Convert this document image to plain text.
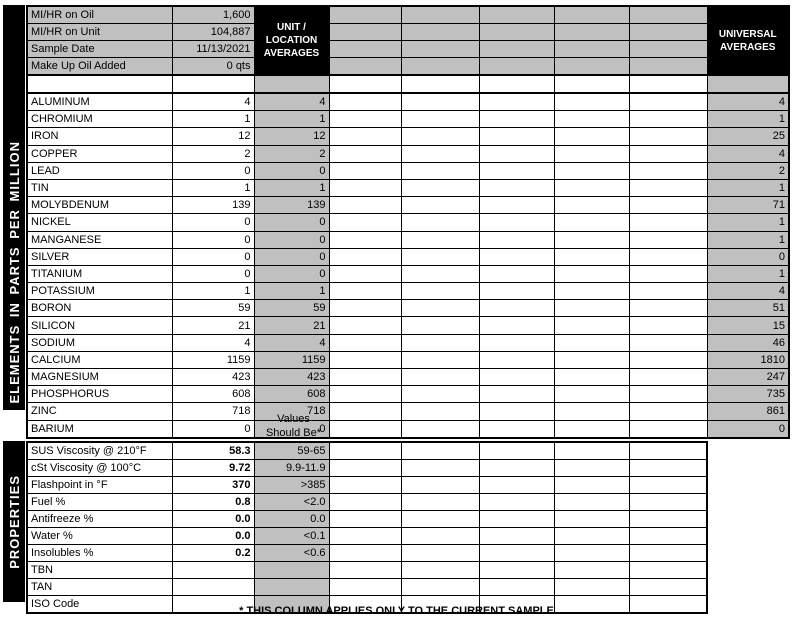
ELEMENTS IN PARTS PER MILLION
MI/HR on Oil	1,600	
UNIT /
LOCATION
AVERAGES

UNIVERSAL
AVERAGES

MI/HR on Unit	104,887							
Sample Date	11/13/2021							
Make Up Oil Added	0 qts							

ALUMINUM	4	4						4
CHROMIUM	1	1						1
IRON	12	12						25
COPPER	2	2						4
LEAD	0	0						2
TIN	1	1						1
MOLYBDENUM	139	139						71
NICKEL	0	0						1
MANGANESE	0	0						1
SILVER	0	0						0
TITANIUM	0	0						1
POTASSIUM	1	1						4
BORON	59	59						51
SILICON	21	21						15
SODIUM	4	4						46
CALCIUM	1159	1159						1810
MAGNESIUM	423	423						247
PHOSPHORUS	608	608						735
ZINC	718	718						861
BARIUM	0	0						0
Values
Should Be*
PROPERTIES
SUS Viscosity @ 210°F	58.3	59-65					
cSt Viscosity @ 100°C	9.72	9.9-11.9					
Flashpoint in °F	370	>385					
Fuel %	0.8	<2.0					
Antifreeze %	0.0	0.0					
Water %	0.0	<0.1					
Insolubles %	0.2	<0.6					
TBN							
TAN							
ISO Code							
* THIS COLUMN APPLIES ONLY TO THE CURRENT SAMPLE
